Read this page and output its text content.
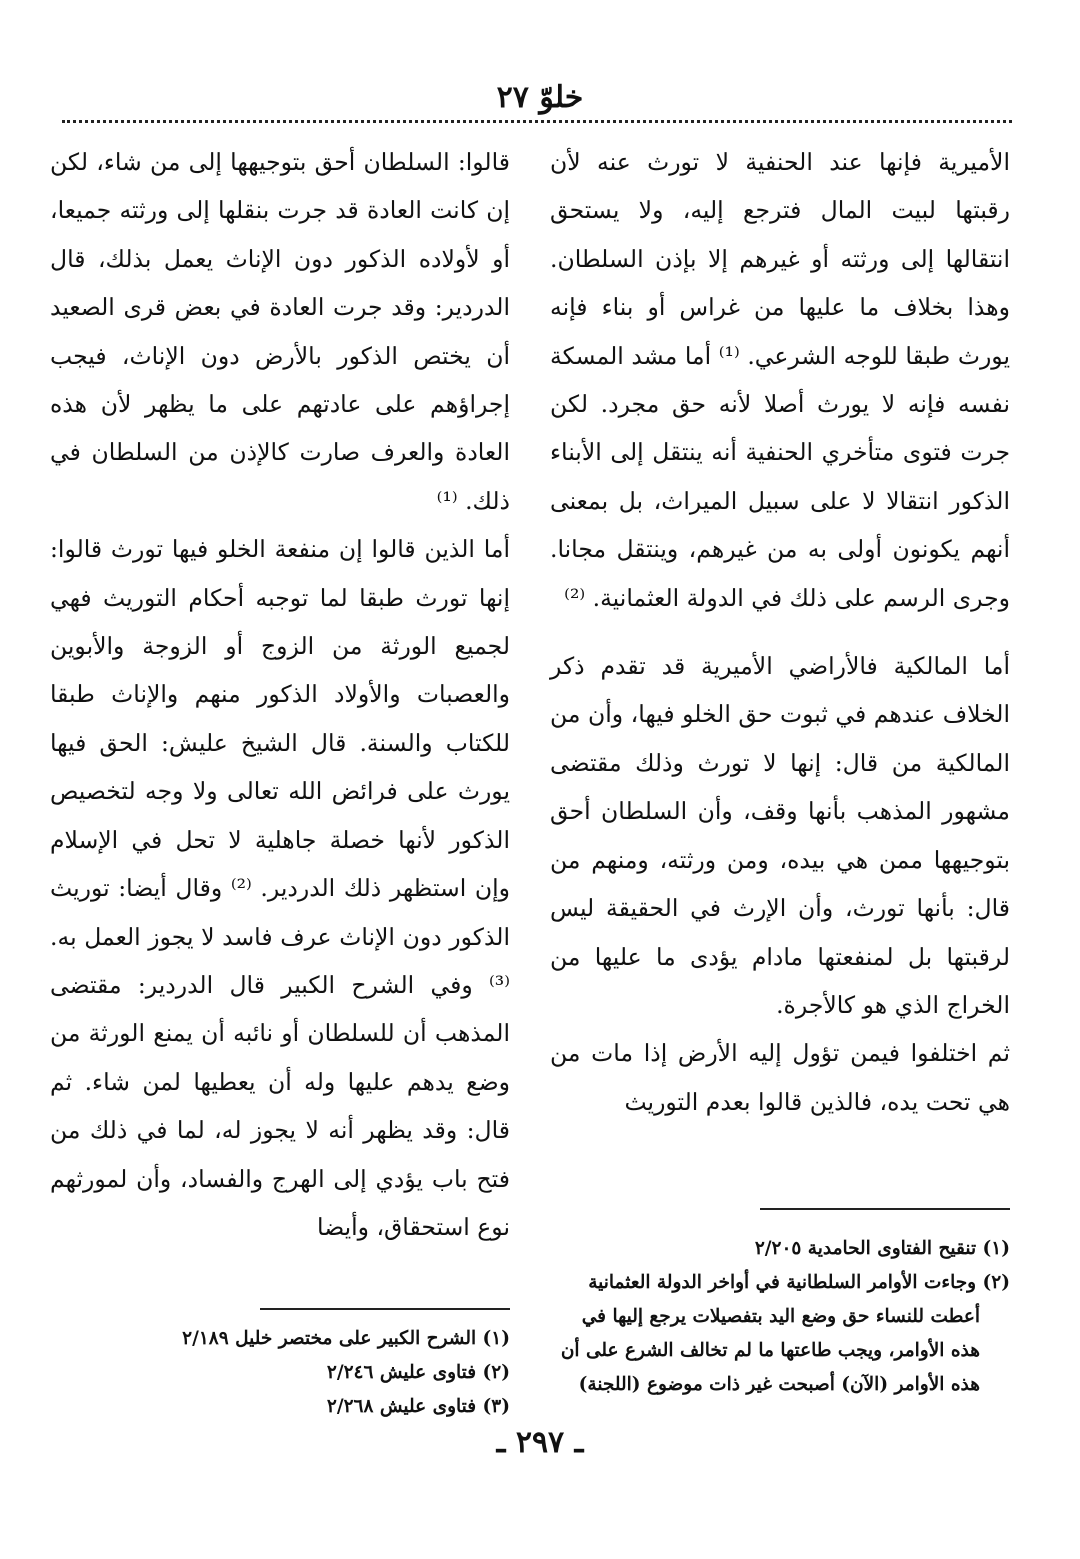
خلوّ ٢٧

الأميرية فإنها عند الحنفية لا تورث عنه لأن رقبتها لبيت المال فترجع إليه، ولا يستحق انتقالها إلى ورثته أو غيرهم إلا بإذن السلطان. وهذا بخلاف ما عليها من غراس أو بناء فإنه يورث طبقا للوجه الشرعي. ⁽¹⁾ أما مشد المسكة نفسه فإنه لا يورث أصلا لأنه حق مجرد. لكن جرت فتوى متأخري الحنفية أنه ينتقل إلى الأبناء الذكور انتقالا لا على سبيل الميراث، بل بمعنى أنهم يكونون أولى به من غيرهم، وينتقل مجانا. وجرى الرسم على ذلك في الدولة العثمانية. ⁽²⁾

أما المالكية فالأراضي الأميرية قد تقدم ذكر الخلاف عندهم في ثبوت حق الخلو فيها، وأن من المالكية من قال: إنها لا تورث وذلك مقتضى مشهور المذهب بأنها وقف، وأن السلطان أحق بتوجيهها ممن هي بيده، ومن ورثته، ومنهم من قال: بأنها تورث، وأن الإرث في الحقيقة ليس لرقبتها بل لمنفعتها مادام يؤدى ما عليها من الخراج الذي هو كالأجرة.

ثم اختلفوا فيمن تؤول إليه الأرض إذا مات من هي تحت يده، فالذين قالوا بعدم التوريث

قالوا: السلطان أحق بتوجيهها إلى من شاء، لكن إن كانت العادة قد جرت بنقلها إلى ورثته جميعا، أو لأولاده الذكور دون الإناث يعمل بذلك، قال الدردير: وقد جرت العادة في بعض قرى الصعيد أن يختص الذكور بالأرض دون الإناث، فيجب إجراؤهم على عادتهم على ما يظهر لأن هذه العادة والعرف صارت كالإذن من السلطان في ذلك. ⁽¹⁾

أما الذين قالوا إن منفعة الخلو فيها تورث قالوا: إنها تورث طبقا لما توجبه أحكام التوريث فهي لجميع الورثة من الزوج أو الزوجة والأبوين والعصبات والأولاد الذكور منهم والإناث طبقا للكتاب والسنة. قال الشيخ عليش: الحق فيها يورث على فرائض الله تعالى ولا وجه لتخصيص الذكور لأنها خصلة جاهلية لا تحل في الإسلام وإن استظهر ذلك الدردير. ⁽²⁾ وقال أيضا: توريث الذكور دون الإناث عرف فاسد لا يجوز العمل به. ⁽³⁾ وفي الشرح الكبير قال الدردير: مقتضى المذهب أن للسلطان أو نائبه أن يمنع الورثة من وضع يدهم عليها وله أن يعطيها لمن شاء. ثم قال: وقد يظهر أنه لا يجوز له، لما في ذلك من فتح باب يؤدي إلى الهرج والفساد، وأن لمورثهم نوع استحقاق، وأيضا

(١) تنقيح الفتاوى الحامدية ٢/٢٠٥

(٢) وجاءت الأوامر السلطانية في أواخر الدولة العثمانية

أعطت للنساء حق وضع اليد بتفصيلات يرجع إليها في

هذه الأوامر، ويجب طاعتها ما لم تخالف الشرع على أن

هذه الأوامر (الآن) أصبحت غير ذات موضوع (اللجنة)

(١) الشرح الكبير على مختصر خليل ٢/١٨٩

(٢) فتاوى عليش ٢/٢٤٦

(٣) فتاوى عليش ٢/٢٦٨

ـ ٢٩٧ ـ
